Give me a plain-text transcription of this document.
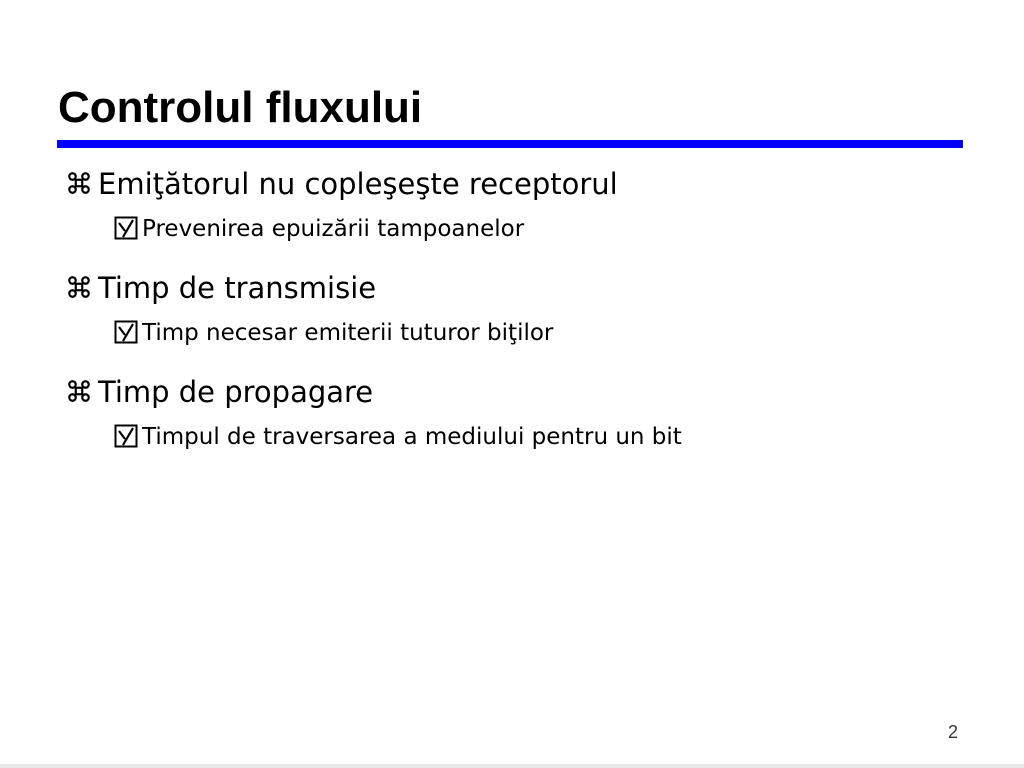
Controlul fluxului
Emiţătorul nu copleşeşte receptorul
Prevenirea epuizării tampoanelor
Timp de transmisie
Timp necesar emiterii tuturor biţilor
Timp de propagare
Timpul de traversarea a mediului pentru un bit
2
